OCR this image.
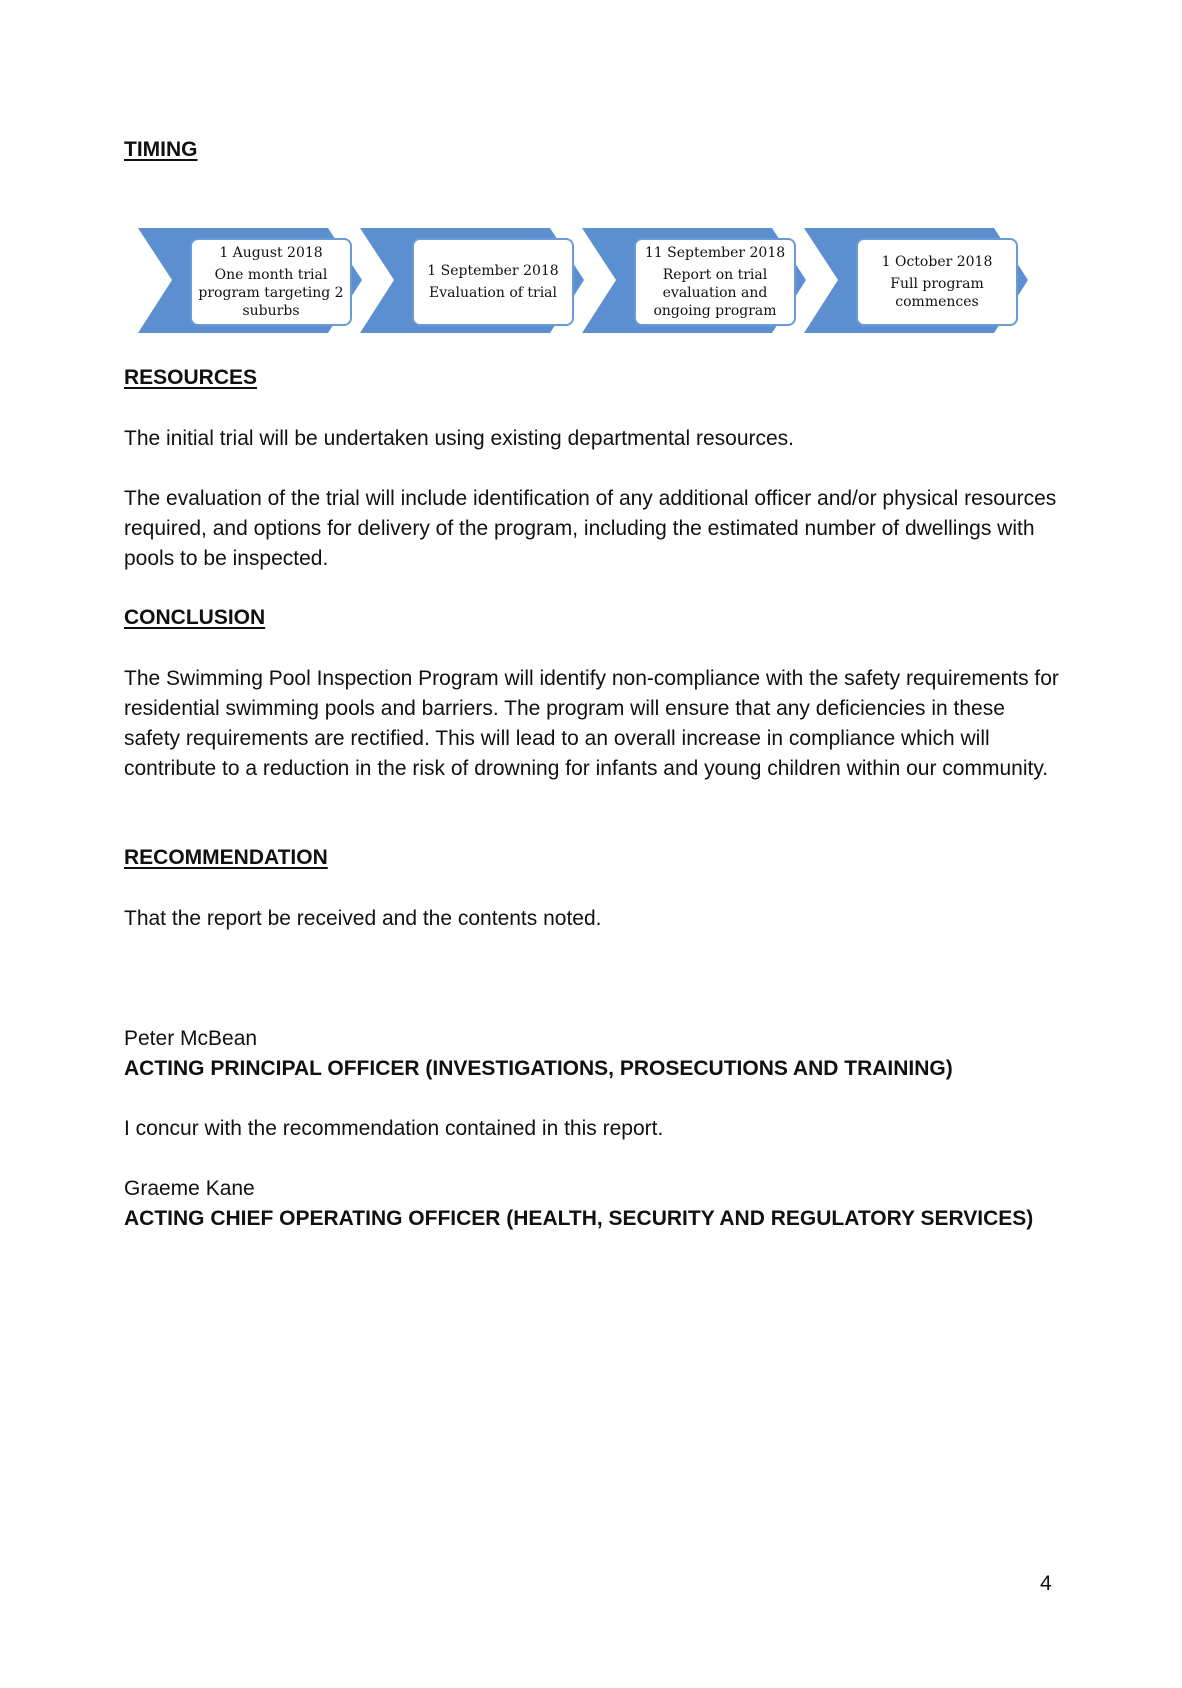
TIMING
1 August 2018
One month trial program targeting 2 suburbs
1 September 2018
Evaluation of trial
11 September 2018
Report on trial evaluation and ongoing program
1 October 2018
Full program commences
RESOURCES

The initial trial will be undertaken using existing departmental resources.

The evaluation of the trial will include identification of any additional officer and/or physical resources required, and options for delivery of the program, including the estimated number of dwellings with pools to be inspected.

CONCLUSION

The Swimming Pool Inspection Program will identify non-compliance with the safety requirements for residential swimming pools and barriers. The program will ensure that any deficiencies in these safety requirements are rectified. This will lead to an overall increase in compliance which will contribute to a reduction in the risk of drowning for infants and young children within our community.

RECOMMENDATION

That the report be received and the contents noted.

Peter McBean

ACTING PRINCIPAL OFFICER (INVESTIGATIONS, PROSECUTIONS AND TRAINING)

I concur with the recommendation contained in this report.

Graeme Kane

ACTING CHIEF OPERATING OFFICER (HEALTH, SECURITY AND REGULATORY SERVICES)

4
